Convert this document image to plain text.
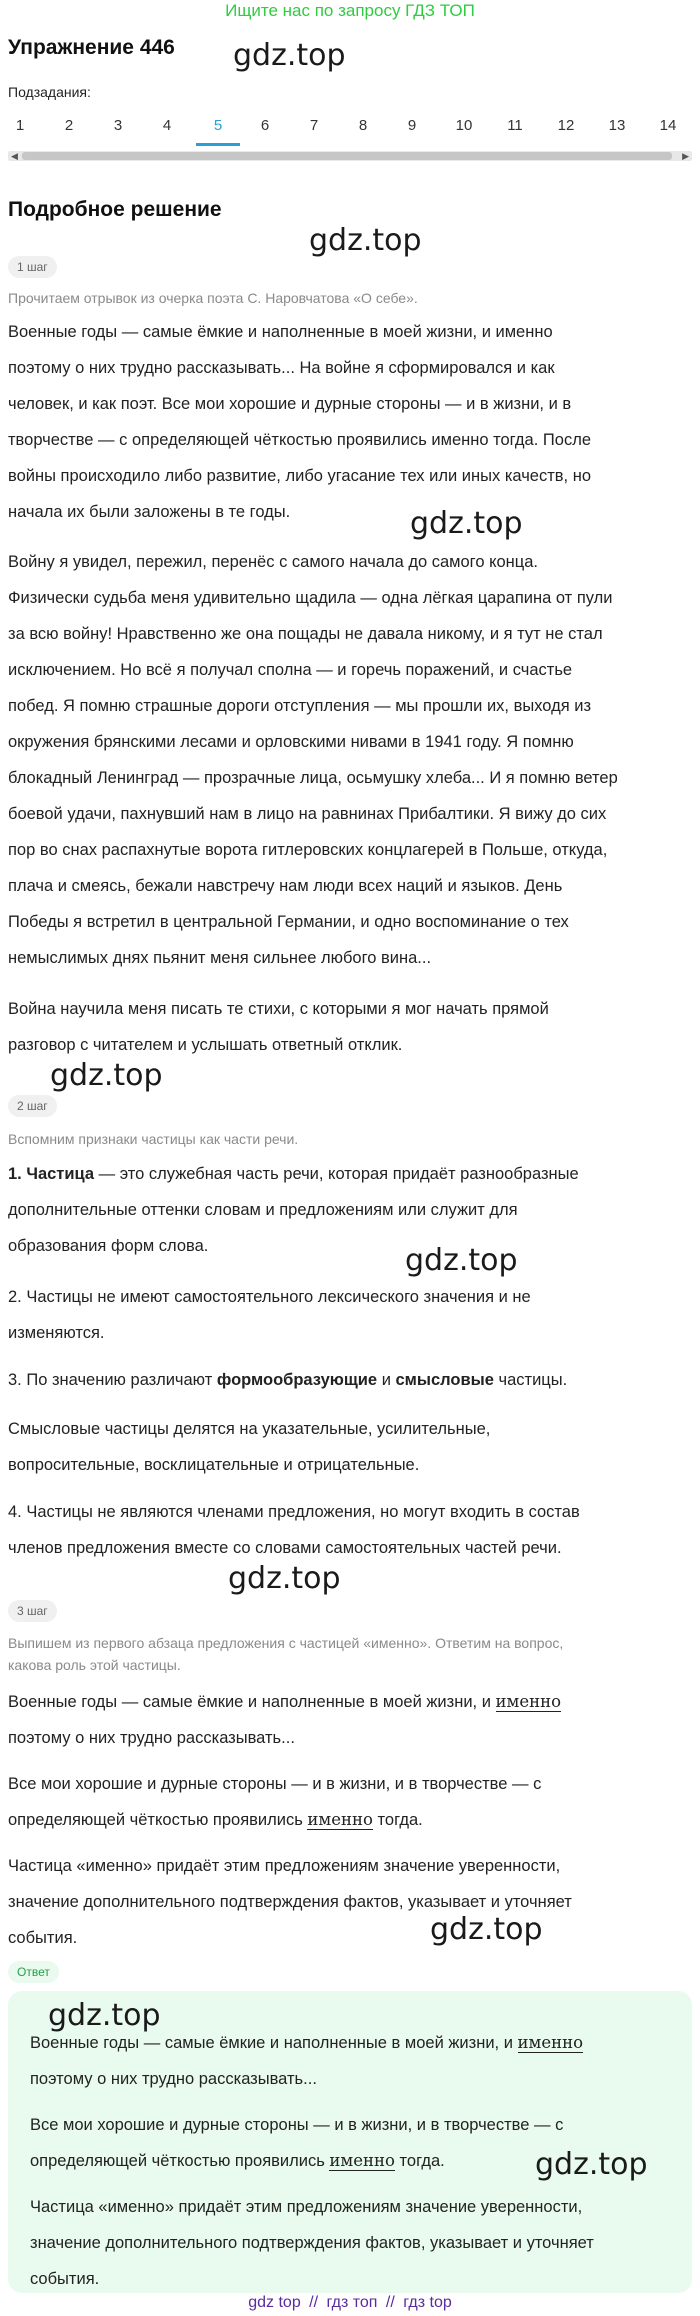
Ищите нас по запросу ГДЗ ТОП
Упражнение 446 gdz.top
Подзадания:
1	2	3	4	5	6	7	8	9	10	11	12	13	14
◀	▶
Подробное решение
gdz.top
1 шаг
Прочитаем отрывок из очерка поэта С. Наровчатова «О себе».
Военные годы — самые ёмкие и наполненные в моей жизни, и именно
поэтому о них трудно рассказывать... На войне я сформировался и как
человек, и как поэт. Все мои хорошие и дурные стороны — и в жизни, и в
творчестве — с определяющей чёткостью проявились именно тогда. После
войны происходило либо развитие, либо угасание тех или иных качеств, но
начала их были заложены в те годы.	gdz.top
Войну я увидел, пережил, перенёс с самого начала до самого конца.
Физически судьба меня удивительно щадила — одна лёгкая царапина от пули
за всю войну! Нравственно же она пощады не давала никому, и я тут не стал
исключением. Но всё я получал сполна — и горечь поражений, и счастье
побед. Я помню страшные дороги отступления — мы прошли их, выходя из
окружения брянскими лесами и орловскими нивами в 1941 году. Я помню
блокадный Ленинград — прозрачные лица, осьмушку хлеба... И я помню ветер
боевой удачи, пахнувший нам в лицо на равнинах Прибалтики. Я вижу до сих
пор во снах распахнутые ворота гитлеровских концлагерей в Польше, откуда,
плача и смеясь, бежали навстречу нам люди всех наций и языков. День
Победы я встретил в центральной Германии, и одно воспоминание о тех
немыслимых днях пьянит меня сильнее любого вина...
Война научила меня писать те стихи, с которыми я мог начать прямой
разговор с читателем и услышать ответный отклик.
gdz.top
2 шаг
Вспомним признаки частицы как части речи.
1. Частица — это служебная часть речи, которая придаёт разнообразные
дополнительные оттенки словам и предложениям или служит для
образования форм слова.	gdz.top
2. Частицы не имеют самостоятельного лексического значения и не
изменяются.
3. По значению различают формообразующие и смысловые частицы.
Смысловые частицы делятся на указательные, усилительные,
вопросительные, восклицательные и отрицательные.
4. Частицы не являются членами предложения, но могут входить в состав
членов предложения вместе со словами самостоятельных частей речи.
gdz.top
3 шаг
Выпишем из первого абзаца предложения с частицей «именно». Ответим на вопрос,
какова роль этой частицы.
Военные годы — самые ёмкие и наполненные в моей жизни, и именно
поэтому о них трудно рассказывать...
Все мои хорошие и дурные стороны — и в жизни, и в творчестве — с
определяющей чёткостью проявились именно тогда.
Частица «именно» придаёт этим предложениям значение уверенности,
значение дополнительного подтверждения фактов, указывает и уточняет
события.	gdz.top
Ответ
gdz.top
Военные годы — самые ёмкие и наполненные в моей жизни, и именно
поэтому о них трудно рассказывать...
Все мои хорошие и дурные стороны — и в жизни, и в творчестве — с
определяющей чёткостью проявились именно тогда.	gdz.top
Частица «именно» придаёт этим предложениям значение уверенности,
значение дополнительного подтверждения фактов, указывает и уточняет
события.
gdz top // гдз топ // гдз top
